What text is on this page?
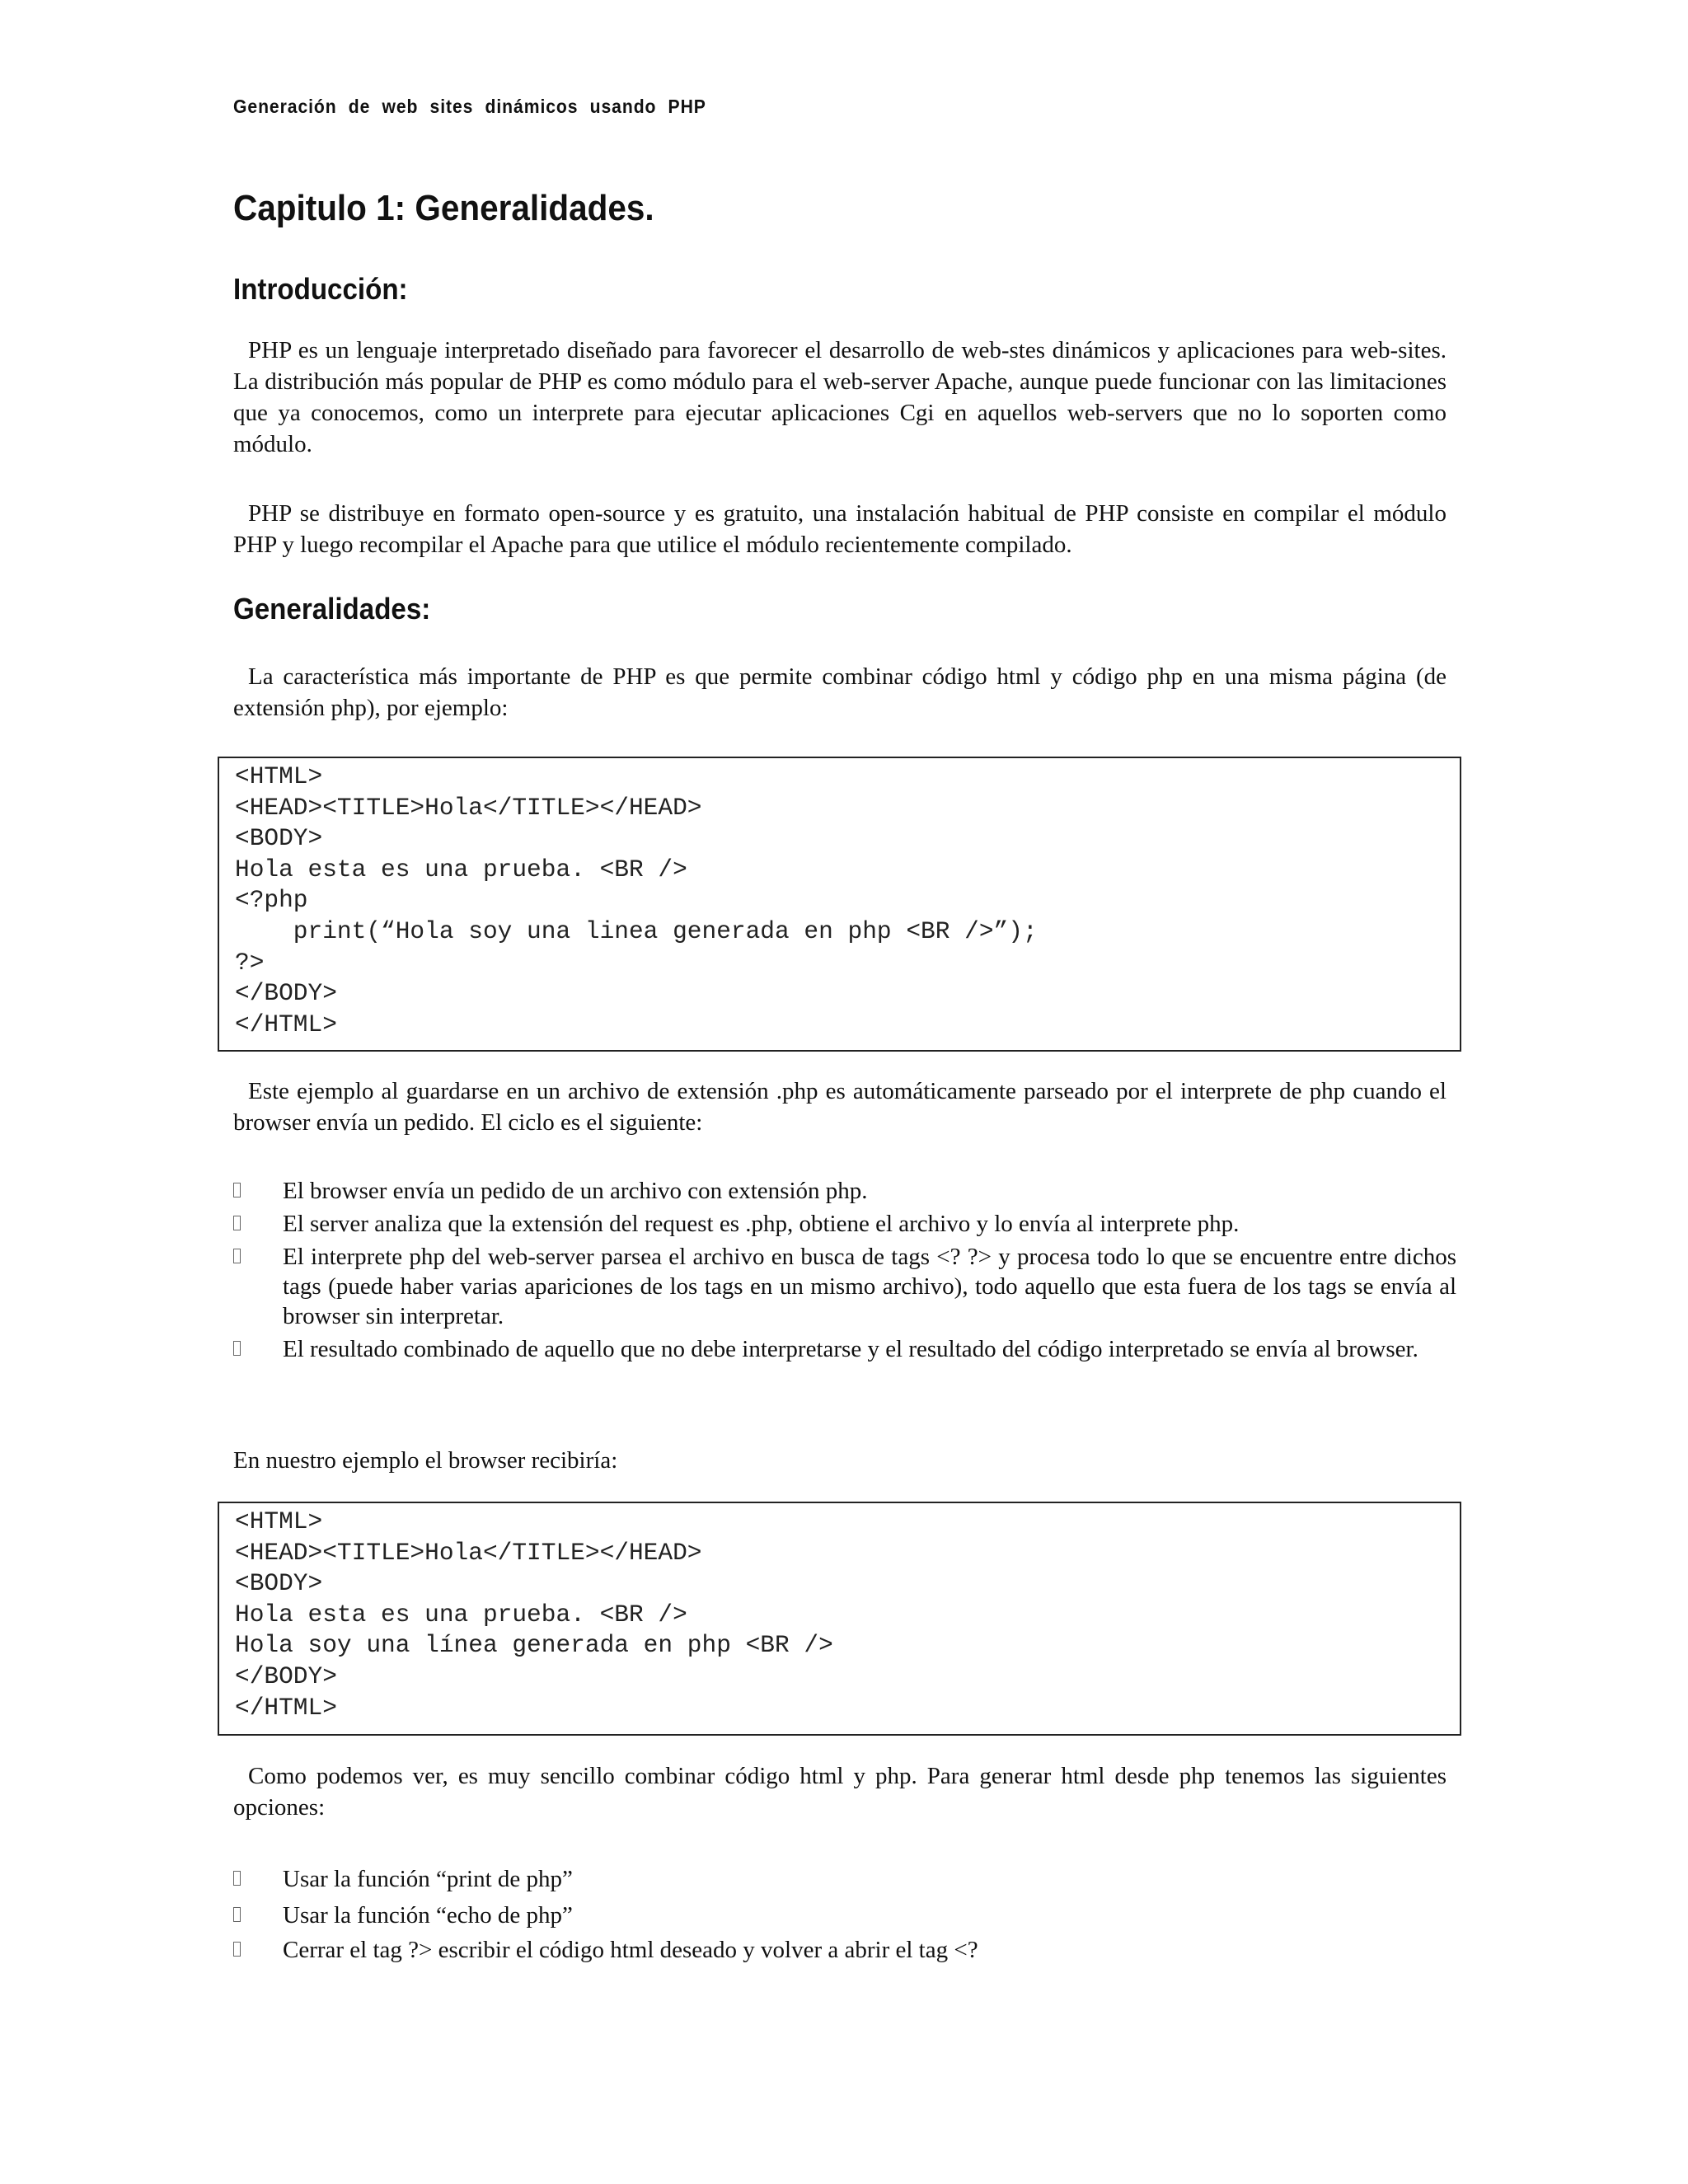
Generación de web sites dinámicos usando PHP
Capitulo 1: Generalidades.
Introducción:

PHP es un lenguaje interpretado diseñado para favorecer el desarrollo de web-stes dinámicos y aplicaciones para web-sites. La distribución más popular de PHP es como módulo para el web-server Apache, aunque puede funcionar con las limitaciones que ya conocemos, como un interprete para ejecutar aplicaciones Cgi en aquellos web-servers que no lo soporten como módulo.

PHP se distribuye en formato open-source y es gratuito, una instalación habitual de PHP consiste en compilar el módulo PHP y luego recompilar el Apache para que utilice el módulo recientemente compilado.

Generalidades:

La característica más importante de PHP es que permite combinar código html y código php en una misma página (de extensión php), por ejemplo:

<HTML>
<HEAD><TITLE>Hola</TITLE></HEAD>
<BODY>
Hola esta es una prueba. <BR />
<?php
print(“Hola soy una linea generada en php <BR />”);
?>
</BODY>
</HTML>

Este ejemplo al guardarse en un archivo de extensión .php es automáticamente parseado por el interprete de php cuando el browser envía un pedido. El ciclo es el siguiente:

El browser envía un pedido de un archivo con extensión php.
El server analiza que la extensión del request es .php, obtiene el archivo y lo envía al interprete php.
El interprete php del web-server parsea el archivo en busca de tags <? ?> y procesa todo lo que se encuentre entre dichos tags (puede haber varias apariciones de los tags en un mismo archivo), todo aquello que esta fuera de los tags se envía al browser sin interpretar.
El resultado combinado de aquello que no debe interpretarse y el resultado del código interpretado se envía al browser.

En nuestro ejemplo el browser recibiría:

<HTML>
<HEAD><TITLE>Hola</TITLE></HEAD>
<BODY>
Hola esta es una prueba. <BR />
Hola soy una línea generada en php <BR />
</BODY>
</HTML>

Como podemos ver, es muy sencillo combinar código html y php. Para generar html desde php tenemos las siguientes opciones:

Usar la función “print de php”
Usar la función “echo de php”
Cerrar el tag ?> escribir el código html deseado y volver a abrir el tag <?
